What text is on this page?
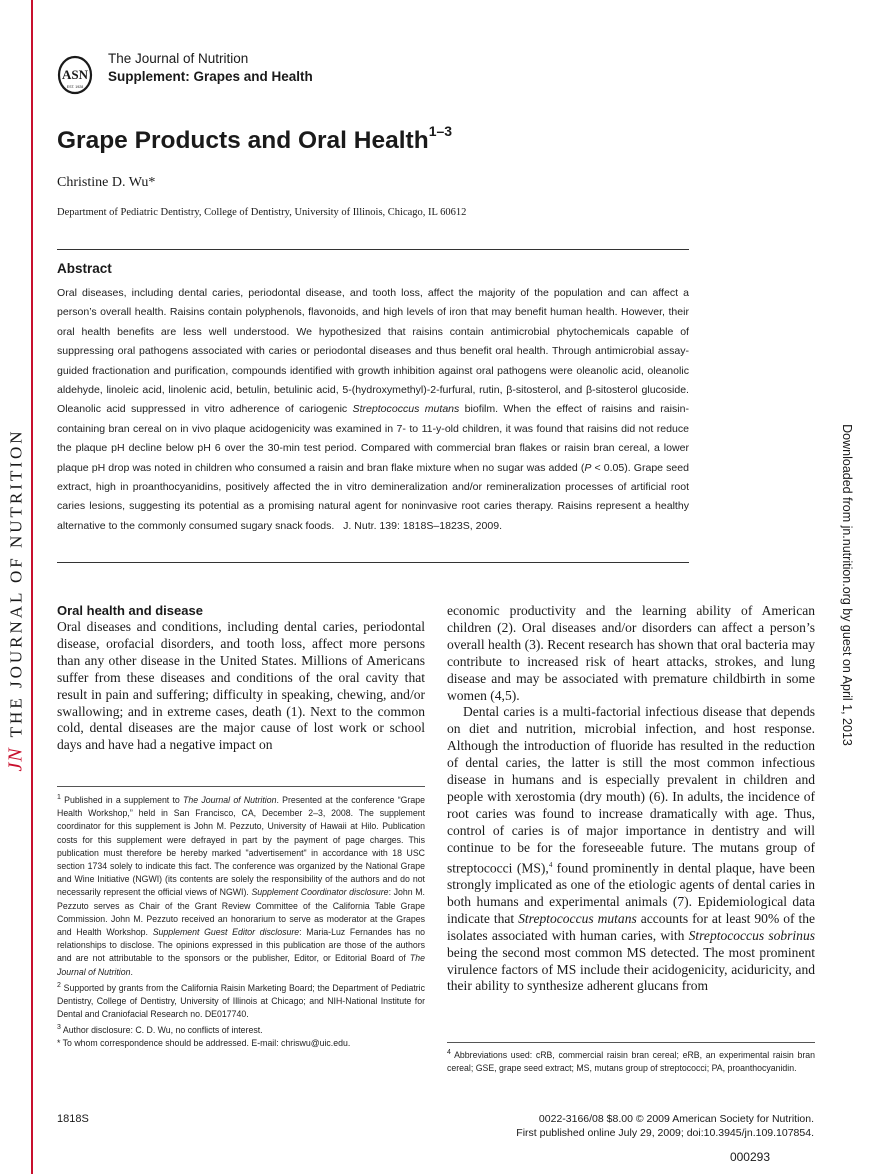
JNTHE JOURNAL OF NUTRITION	Downloaded from jn.nutrition.org by guest on April 1, 2013
ASN
EST. 1928
The Journal of Nutrition
Supplement: Grapes and Health
Grape Products and Oral Health$^{1-3}$
Christine D. Wu*
Department of Pediatric Dentistry, College of Dentistry, University of Illinois, Chicago, IL 60612
Abstract
Oral diseases, including dental caries, periodontal disease, and tooth loss, affect the majority of the population and can affect a person’s overall health. Raisins contain polyphenols, flavonoids, and high levels of iron that may benefit human health. However, their oral health benefits are less well understood. We hypothesized that raisins contain antimicrobial phytochemicals capable of suppressing oral pathogens associated with caries or periodontal diseases and thus benefit oral health. Through antimicrobial assay-guided fractionation and purification, compounds identified with growth inhibition against oral pathogens were oleanolic acid, oleanolic aldehyde, linoleic acid, linolenic acid, betulin, betulinic acid, 5-(hydroxymethyl)-2-furfural, rutin, β-sitosterol, and β-sitosterol glucoside. Oleanolic acid suppressed in vitro adherence of cariogenic Streptococcus mutans biofilm. When the effect of raisins and raisin-containing bran cereal on in vivo plaque acidogenicity was examined in 7- to 11-y-old children, it was found that raisins did not reduce the plaque pH decline below pH 6 over the 30-min test period. Compared with commercial bran flakes or raisin bran cereal, a lower plaque pH drop was noted in children who consumed a raisin and bran flake mixture when no sugar was added (P < 0.05). Grape seed extract, high in proanthocyanidins, positively affected the in vitro demineralization and/or remineralization processes of artificial root caries lesions, suggesting its potential as a promising natural agent for noninvasive root caries therapy. Raisins represent a healthy alternative to the commonly consumed sugary snack foods. J. Nutr. 139: 1818S–1823S, 2009.

Oral health and disease

Oral diseases and conditions, including dental caries, periodontal disease, orofacial disorders, and tooth loss, affect more persons than any other disease in the United States. Millions of Americans suffer from these diseases and conditions of the oral cavity that result in pain and suffering; difficulty in speaking, chewing, and/or swallowing; and in extreme cases, death (1). Next to the common cold, dental diseases are the major cause of lost work or school days and have had a negative impact on

economic productivity and the learning ability of American children (2). Oral diseases and/or disorders can affect a person’s overall health (3). Recent research has shown that oral bacteria may contribute to increased risk of heart attacks, strokes, and lung disease and may be associated with premature childbirth in some women (4,5).

Dental caries is a multi-factorial infectious disease that depends on diet and nutrition, microbial infection, and host response. Although the introduction of fluoride has resulted in the reduction of dental caries, the latter is still the most common infectious disease in humans and is especially prevalent in children and people with xerostomia (dry mouth) (6). In adults, the incidence of root caries was found to increase dramatically with age. Thus, control of caries is of major importance in dentistry and will continue to be for the foreseeable future. The mutans group of streptococci (MS),$^4$ found prominently in dental plaque, have been strongly implicated as one of the etiologic agents of dental caries in both humans and experimental animals (7). Epidemiological data indicate that Streptococcus mutans accounts for at least 90% of the isolates associated with human caries, with Streptococcus sobrinus being the second most common MS detected. The most prominent virulence factors of MS include their acidogenicity, aciduricity, and their ability to synthesize adherent glucans from

$^1$ Published in a supplement to The Journal of Nutrition. Presented at the conference “Grape Health Workshop,” held in San Francisco, CA, December 2–3, 2008. The supplement coordinator for this supplement is John M. Pezzuto, University of Hawaii at Hilo. Publication costs for this supplement were defrayed in part by the payment of page charges. This publication must therefore be hereby marked "advertisement" in accordance with 18 USC section 1734 solely to indicate this fact. The conference was organized by the National Grape and Wine Initiative (NGWI) (its contents are solely the responsibility of the authors and do not necessarily represent the official views of NGWI). Supplement Coordinator disclosure: John M. Pezzuto serves as Chair of the Grant Review Committee of the California Table Grape Commission. John M. Pezzuto received an honorarium to serve as moderator at the Grapes and Health Workshop. Supplement Guest Editor disclosure: Maria-Luz Fernandes has no relationships to disclose. The opinions expressed in this publication are those of the authors and are not attributable to the sponsors or the publisher, Editor, or Editorial Board of The Journal of Nutrition.

$^2$ Supported by grants from the California Raisin Marketing Board; the Department of Pediatric Dentistry, College of Dentistry, University of Illinois at Chicago; and NIH-National Institute for Dental and Craniofacial Research no. DE017740.

$^3$ Author disclosure: C. D. Wu, no conflicts of interest.

* To whom correspondence should be addressed. E-mail: chriswu@uic.edu.

$^4$ Abbreviations used: cRB, commercial raisin bran cereal; eRB, an experimental raisin bran cereal; GSE, grape seed extract; MS, mutans group of streptococci; PA, proanthocyanidin.

1818S	0022-3166/08 $8.00 © 2009 American Society for Nutrition.
First published online July 29, 2009; doi:10.3945/jn.109.107854.
000293
